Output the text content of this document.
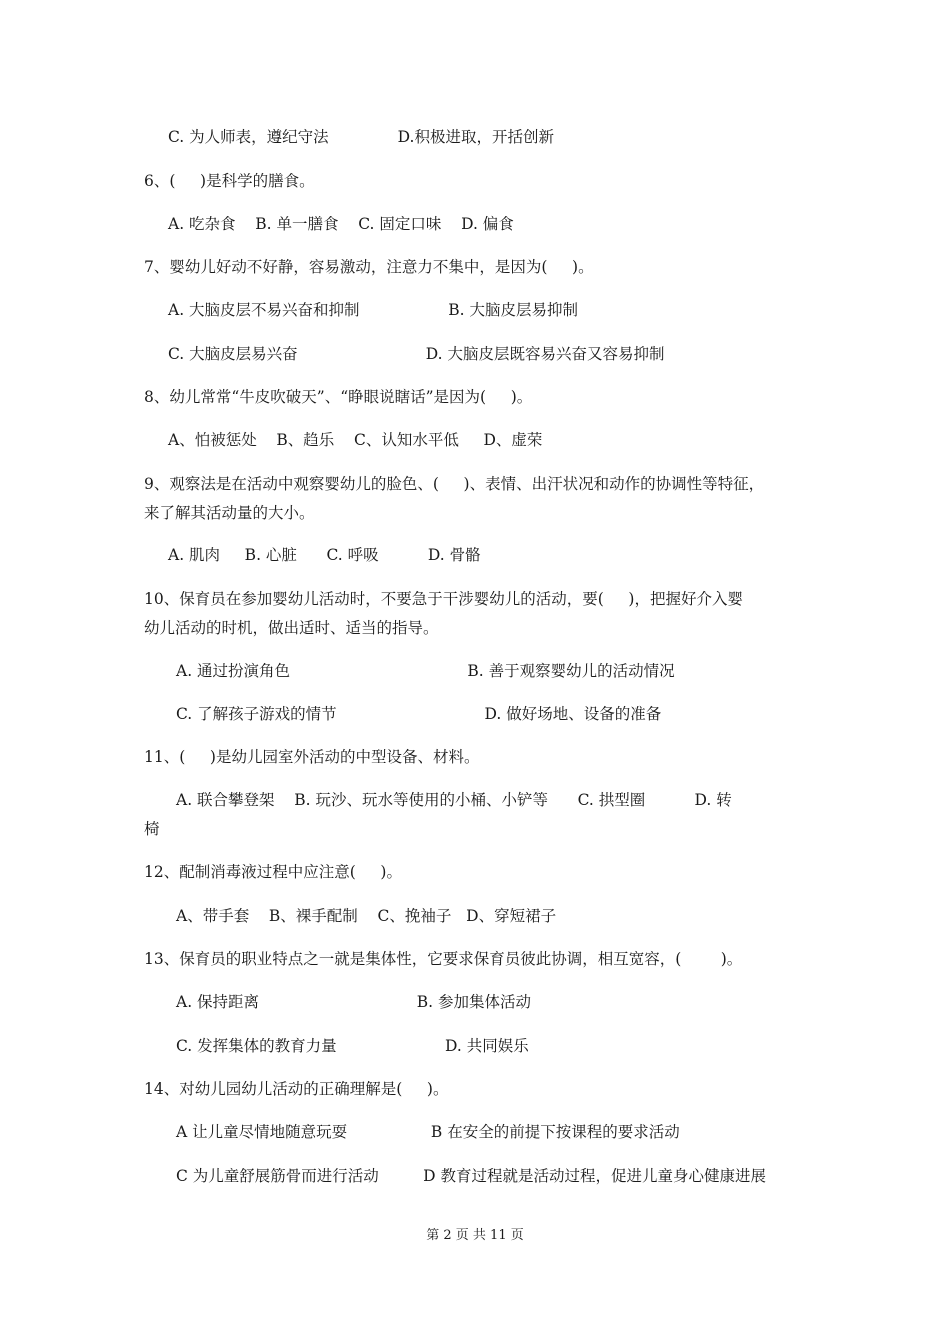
C. 为人师表，遵纪守法              D.积极进取，开括创新
6、(     )是科学的膳食。
A. 吃杂食    B. 单一膳食    C. 固定口味    D. 偏食
7、婴幼儿好动不好静，容易激动，注意力不集中，是因为(     )。
A. 大脑皮层不易兴奋和抑制                  B. 大脑皮层易抑制
C. 大脑皮层易兴奋                          D. 大脑皮层既容易兴奋又容易抑制
8、幼儿常常“牛皮吹破天”、“睁眼说瞎话”是因为(     )。
A、怕被惩处    B、趋乐    C、认知水平低     D、虚荣
9、观察法是在活动中观察婴幼儿的脸色、(     )、表情、出汗状况和动作的协调性等特征，
来了解其活动量的大小。
A. 肌肉     B. 心脏      C. 呼吸          D. 骨骼
10、保育员在参加婴幼儿活动时，不要急于干涉婴幼儿的活动，要(     )，把握好介入婴
幼儿活动的时机，做出适时、适当的指导。
A. 通过扮演角色                                    B. 善于观察婴幼儿的活动情况
C. 了解孩子游戏的情节                              D. 做好场地、设备的准备
11、(     )是幼儿园室外活动的中型设备、材料。
A. 联合攀登架    B. 玩沙、玩水等使用的小桶、小铲等      C. 拱型圈          D. 转
椅
12、配制消毒液过程中应注意(     )。
A、带手套    B、裸手配制    C、挽袖子   D、穿短裙子
13、保育员的职业特点之一就是集体性，它要求保育员彼此协调，相互宽容，(        )。
A. 保持距离                                B. 参加集体活动
C. 发挥集体的教育力量                      D. 共同娱乐
14、对幼儿园幼儿活动的正确理解是(     )。
A 让儿童尽情地随意玩耍                 B 在安全的前提下按课程的要求活动
C 为儿童舒展筋骨而进行活动         D 教育过程就是活动过程，促进儿童身心健康进展
第 2 页 共 11 页
